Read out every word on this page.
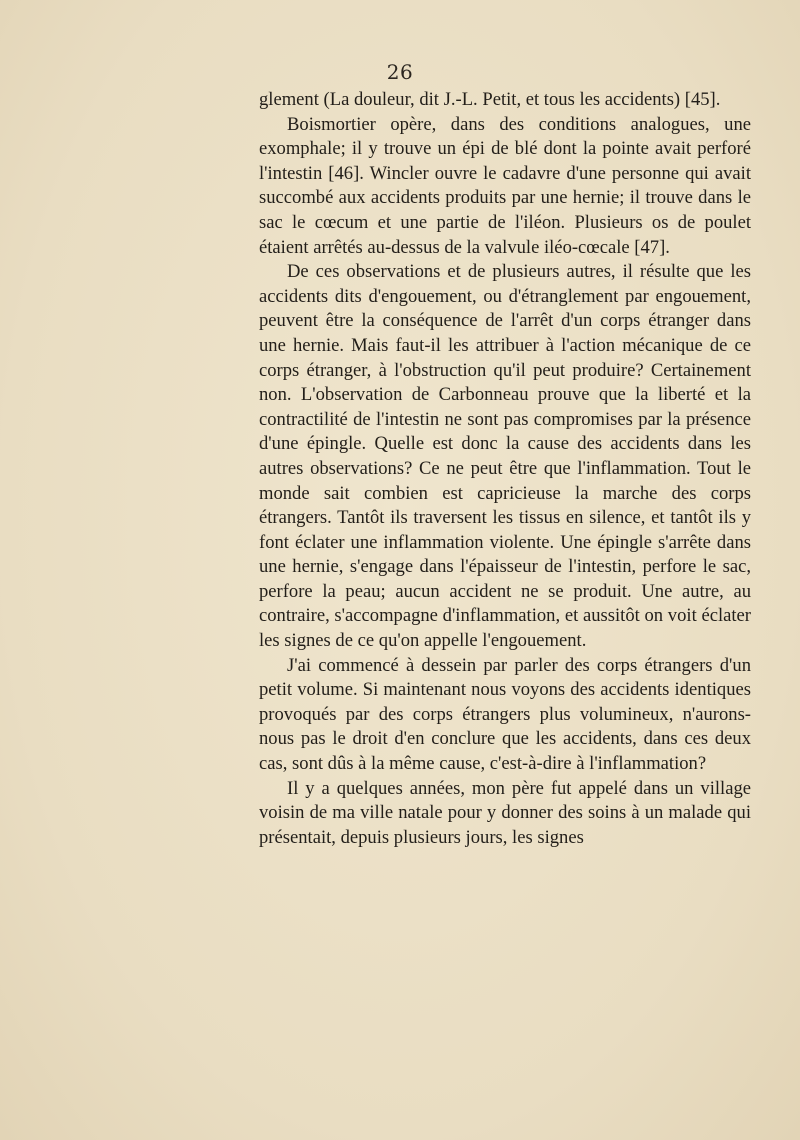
26

glement (La douleur, dit J.-L. Petit, et tous les accidents) [45].

Boismortier opère, dans des conditions analogues, une exomphale; il y trouve un épi de blé dont la pointe avait perforé l'intestin [46]. Wincler ouvre le cadavre d'une personne qui avait succombé aux accidents produits par une hernie; il trouve dans le sac le cœcum et une partie de l'iléon. Plusieurs os de poulet étaient arrêtés au-dessus de la valvule iléo-cœcale [47].

De ces observations et de plusieurs autres, il résulte que les accidents dits d'engouement, ou d'étranglement par engouement, peuvent être la conséquence de l'arrêt d'un corps étranger dans une hernie. Mais faut-il les attribuer à l'action mécanique de ce corps étranger, à l'obstruction qu'il peut produire? Certainement non. L'observation de Carbonneau prouve que la liberté et la contractilité de l'intestin ne sont pas compromises par la présence d'une épingle. Quelle est donc la cause des accidents dans les autres observations? Ce ne peut être que l'inflammation. Tout le monde sait combien est capricieuse la marche des corps étrangers. Tantôt ils traversent les tissus en silence, et tantôt ils y font éclater une inflammation violente. Une épingle s'arrête dans une hernie, s'engage dans l'épaisseur de l'intestin, perfore le sac, perfore la peau; aucun accident ne se produit. Une autre, au contraire, s'accompagne d'inflammation, et aussitôt on voit éclater les signes de ce qu'on appelle l'engouement.

J'ai commencé à dessein par parler des corps étrangers d'un petit volume. Si maintenant nous voyons des accidents identiques provoqués par des corps étrangers plus volumineux, n'aurons-nous pas le droit d'en conclure que les accidents, dans ces deux cas, sont dûs à la même cause, c'est-à-dire à l'inflammation?

Il y a quelques années, mon père fut appelé dans un village voisin de ma ville natale pour y donner des soins à un malade qui présentait, depuis plusieurs jours, les signes
